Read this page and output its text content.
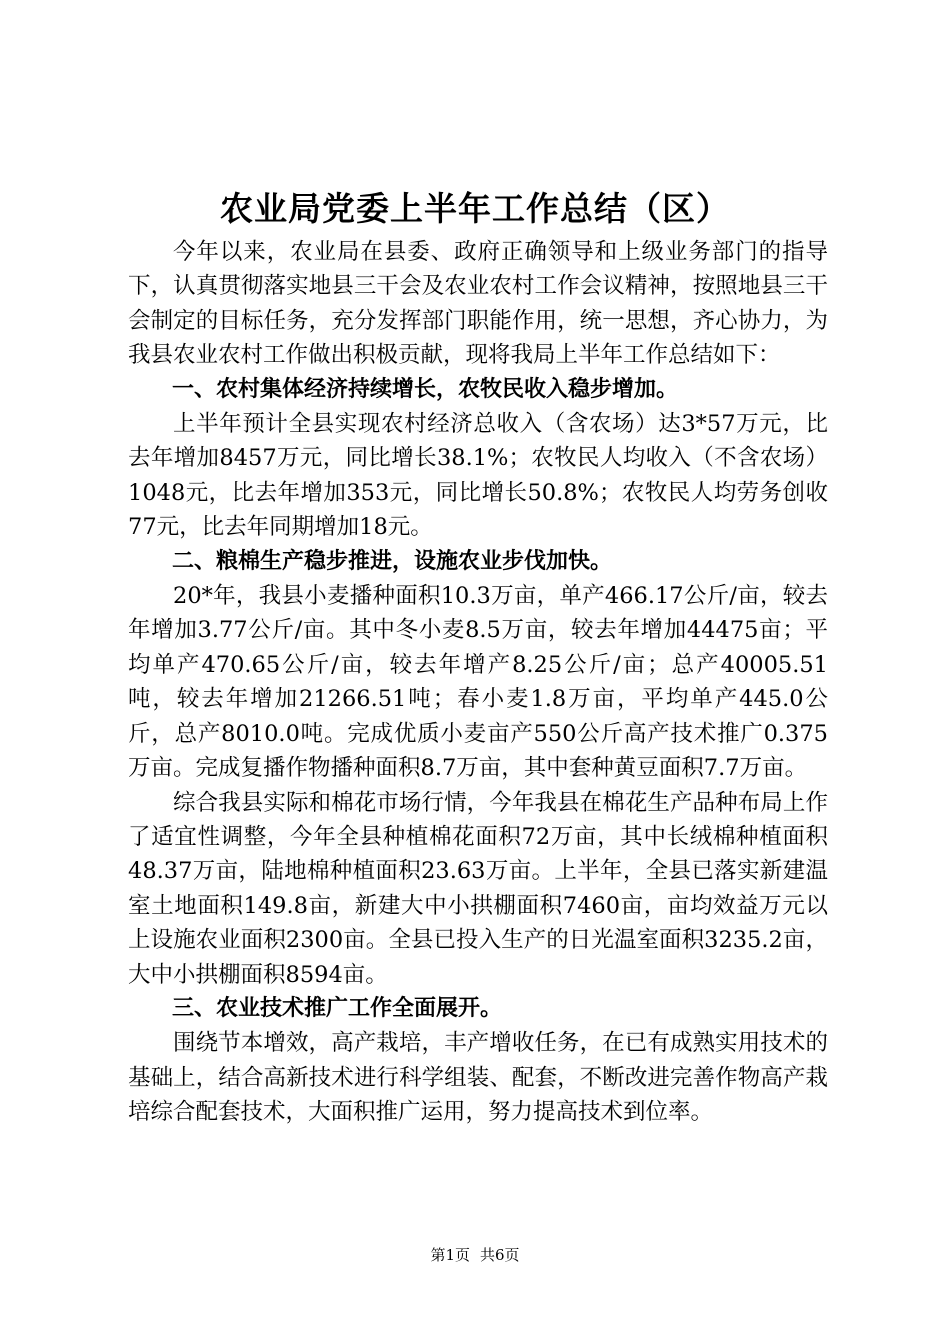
农业局党委上半年工作总结（区）

今年以来，农业局在县委、政府正确领导和上级业务部门的指导下，认真贯彻落实地县三干会及农业农村工作会议精神，按照地县三干会制定的目标任务，充分发挥部门职能作用，统一思想，齐心协力，为我县农业农村工作做出积极贡献，现将我局上半年工作总结如下：

一、农村集体经济持续增长，农牧民收入稳步增加。

上半年预计全县实现农村经济总收入（含农场）达3*57万元，比去年增加8457万元，同比增长38.1%；农牧民人均收入（不含农场）1048元，比去年增加353元，同比增长50.8%；农牧民人均劳务创收77元，比去年同期增加18元。

二、粮棉生产稳步推进，设施农业步伐加快。

20*年，我县小麦播种面积10.3万亩，单产466.17公斤/亩，较去年增加3.77公斤/亩。其中冬小麦8.5万亩，较去年增加44475亩；平均单产470.65公斤/亩，较去年增产8.25公斤/亩；总产40005.51吨，较去年增加21266.51吨；春小麦1.8万亩，平均单产445.0公斤，总产8010.0吨。完成优质小麦亩产550公斤高产技术推广0.375万亩。完成复播作物播种面积8.7万亩，其中套种黄豆面积7.7万亩。

综合我县实际和棉花市场行情，今年我县在棉花生产品种布局上作了适宜性调整，今年全县种植棉花面积72万亩，其中长绒棉种植面积48.37万亩，陆地棉种植面积23.63万亩。上半年，全县已落实新建温室土地面积149.8亩，新建大中小拱棚面积7460亩，亩均效益万元以上设施农业面积2300亩。全县已投入生产的日光温室面积3235.2亩，大中小拱棚面积8594亩。

三、农业技术推广工作全面展开。

围绕节本增效，高产栽培，丰产增收任务，在已有成熟实用技术的基础上，结合高新技术进行科学组装、配套，不断改进完善作物高产栽培综合配套技术，大面积推广运用，努力提高技术到位率。

第1页 共6页
